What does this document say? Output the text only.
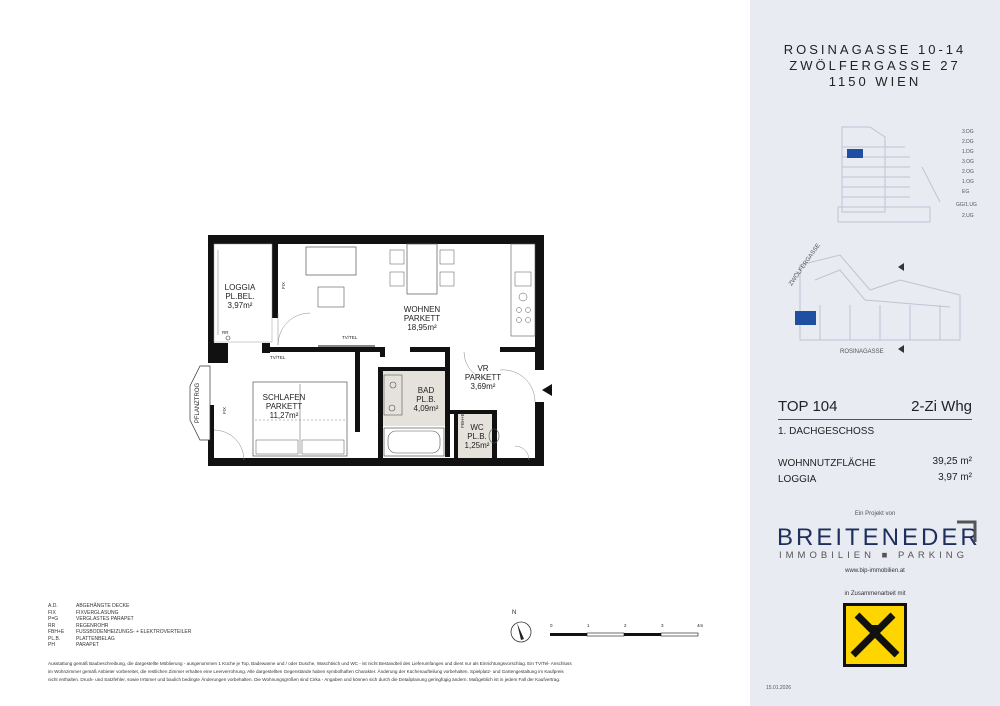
LOGGIA
PL.BEL.
3,97m²	WOHNEN
PARKETT
18,95m²
SCHLAFEN
PARKETT
11,27m²
BAD
PL.B.
4,09m²
VR
PARKETT
3,69m²
WC
PL.B.
1,25m²
FIX
FIX
TV/TEL
TV/TEL
RR
FBH+E
PFLANZTROG
A.D.	ABGEHÄNGTE DECKE
FIX	FIXVERGLASUNG
P=G	VERGLASTES PARAPET
RR	REGENROHR
FBH+E FUSSBODENHEIZUNGS- + ELEKTROVERTEILER
PL.B.	PLATTENBELAG
PH	PARAPET
Ausstattung gemäß Baubeschreibung, die dargestellte Möblierung - ausgenommen 1 Küche je Top, Badewanne und / oder Dusche, Waschtisch und WC - ist nicht Bestandteil des Lieferumfanges und dient nur als Einrichtungsvorschlag. Ein TV/Tel- Anschluss
im Wohnzimmer gemäß Anbieter vorbereitet, die restlichen Zimmer erhalten eine Leerverrohrung. Alle dargestellten Gegenstände haben symbolhaften Charakter. Änderung der Küchenaufteilung vorbehalten. Spielplatz- und Gartengestaltung im Kaufpreis
nicht enthalten. Druck- und Satzfehler, sowie Irrtümer und baulich bedingte Änderungen vorbehalten. Die Wohnungsgrößen sind Cirka - Angaben und können sich durch die Detailplanung geringfügig ändern. Maßgeblich ist in jedem Fall der Kaufvertrag.
N
0	1	2	3	4m
ROSINAGASSE 10-14
ZWÖLFERGASSE 27
1150 WIEN
3.DG
2.DG
1.DG
3.OG
2.OG
1.OG
EG
GG/1.UG
2.UG
ZWÖLFERGASSE
ROSINAGASSE
TOP 104	2-Zi Whg
1. DACHGESCHOSS
WOHNNUTZFLÄCHE	39,25 m²
LOGGIA	3,97 m²
Ein Projekt von
BREITENEDER
IMMOBILIEN ■ PARKING
www.bip-immobilien.at
in Zusammenarbeit mit
15.01.2026
